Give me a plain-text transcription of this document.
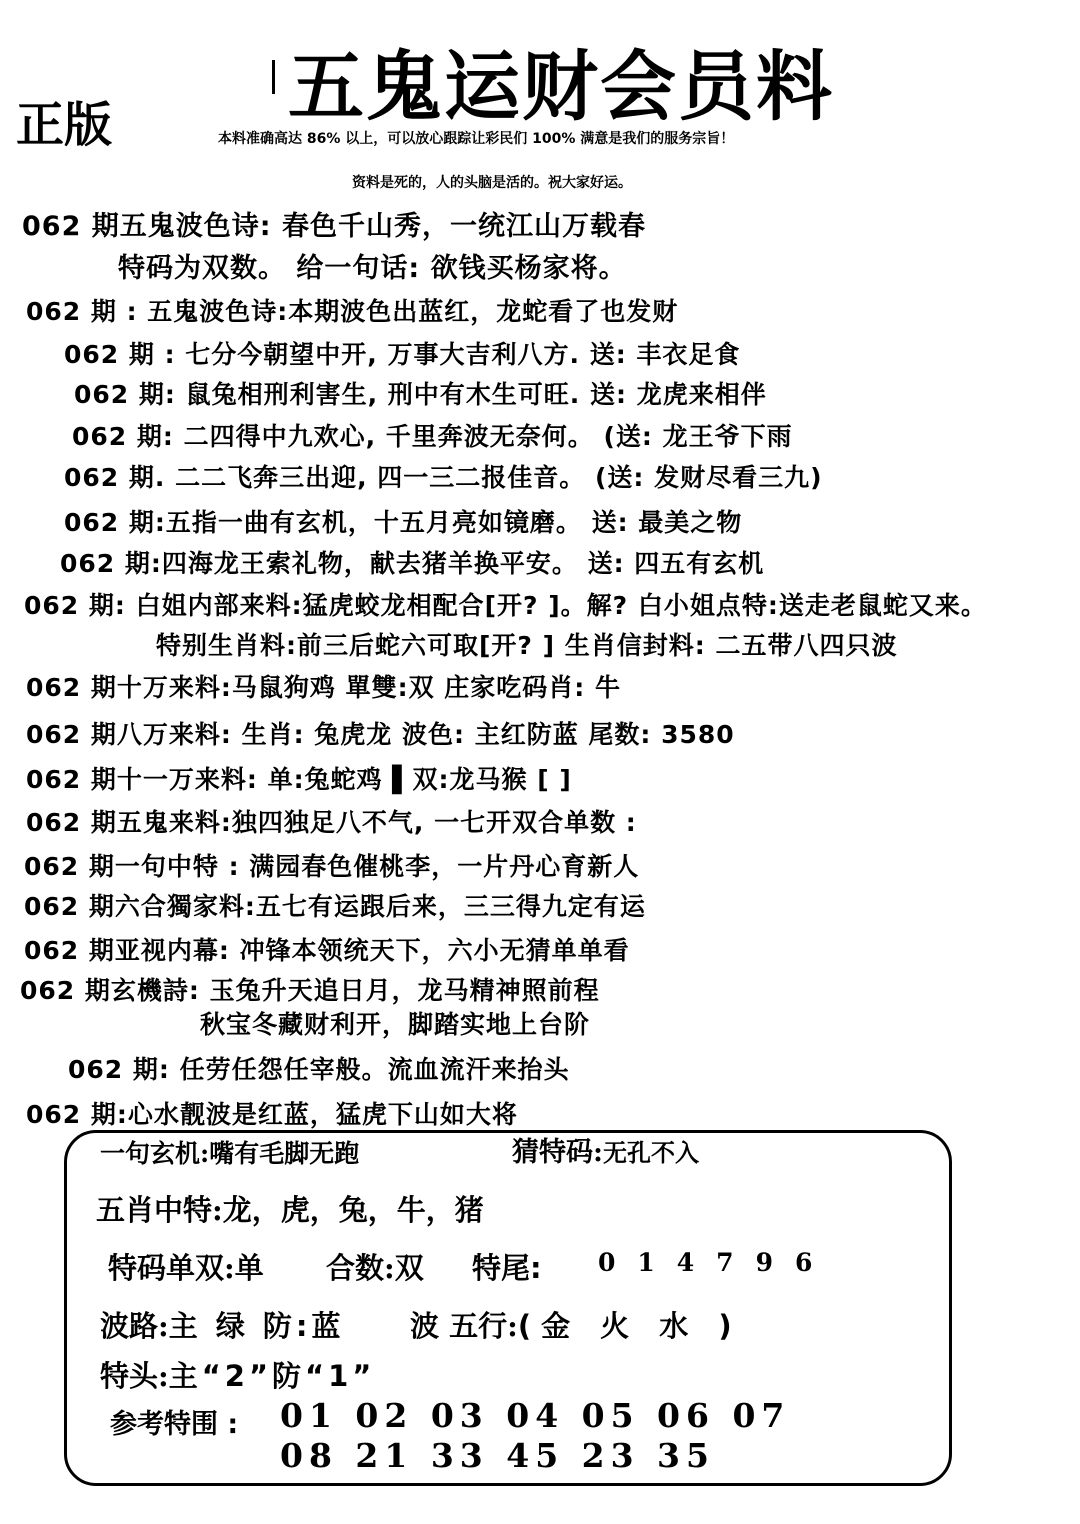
五鬼运财会员料
正版	本料准确高达 86% 以上，可以放心跟踪让彩民们 100% 满意是我们的服务宗旨！
资料是死的，人的头脑是活的。祝大家好运。
062 期五鬼波色诗: 春色千山秀，一统江山万载春
特码为双数。 给一句话: 欲钱买杨家将。
062 期 : 五鬼波色诗:本期波色出蓝红，龙蛇看了也发财
062 期 : 七分今朝望中开, 万事大吉利八方. 送: 丰衣足食
062 期: 鼠兔相刑利害生, 刑中有木生可旺. 送: 龙虎来相伴
062 期: 二四得中九欢心, 千里奔波无奈何。 (送: 龙王爷下雨
062 期. 二二飞奔三出迎, 四一三二报佳音。 (送: 发财尽看三九)
062 期:五指一曲有玄机，十五月亮如镜磨。 送: 最美之物
062 期:四海龙王索礼物，献去猪羊换平安。 送: 四五有玄机
062 期: 白姐内部来料:猛虎蛟龙相配合[开? ]。解? 白小姐点特:送走老鼠蛇又来。
特别生肖料:前三后蛇六可取[开? ] 生肖信封料: 二五带八四只波
062 期十万来料:马鼠狗鸡 單雙:双 庄家吃码肖: 牛
062 期八万来料: 生肖: 兔虎龙 波色: 主红防蓝 尾数: 3580
062 期十一万来料: 单:兔蛇鸡 ▌双:龙马猴 [ ]
062 期五鬼来料:独四独足八不气, 一七开双合单数 :
062 期一句中特 : 满园春色催桃李，一片丹心育新人
062 期六合獨家料:五七有运跟后来，三三得九定有运
062 期亚视内幕: 冲锋本领统天下，六小无猜单单看
062 期玄機詩: 玉兔升天追日月，龙马精神照前程
秋宝冬藏财利开，脚踏实地上台阶
062 期: 任劳任怨任宰般。流血流汗来抬头
062 期:心水靓波是红蓝，猛虎下山如大将
一句玄机:嘴有毛脚无跑	猜特码:无孔不入
五肖中特:龙，虎，兔，牛，猪
特码单双:单 合数:双 特尾: 014796
波路:主 绿 防:蓝 波 五行:(金 火 水 )
特头:主“2”防“1”
参考特围 : 01 02 03 04 05 06 07
08 21 33 45 23 35
